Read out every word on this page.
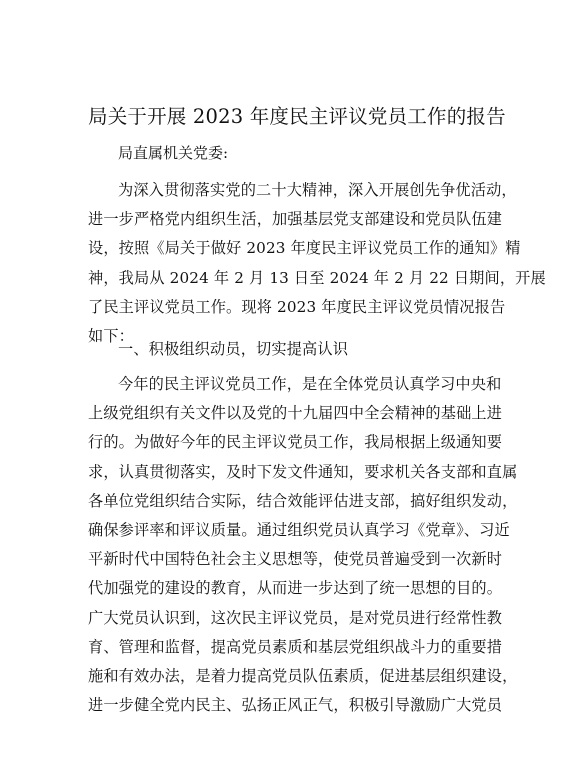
局关于开展 2023 年度民主评议党员工作的报告
局直属机关党委:
为深入贯彻落实党的二十大精神，深入开展创先争优活动，
进一步严格党内组织生活，加强基层党支部建设和党员队伍建
设，按照《局关于做好 2023 年度民主评议党员工作的通知》精
神，我局从 2024 年 2 月 13 日至 2024 年 2 月 22 日期间，开展
了民主评议党员工作。现将 2023 年度民主评议党员情况报告
如下：
一、积极组织动员，切实提高认识
今年的民主评议党员工作，是在全体党员认真学习中央和
上级党组织有关文件以及党的十九届四中全会精神的基础上进
行的。为做好今年的民主评议党员工作，我局根据上级通知要
求，认真贯彻落实，及时下发文件通知，要求机关各支部和直属
各单位党组织结合实际，结合效能评估进支部，搞好组织发动，
确保参评率和评议质量。通过组织党员认真学习《党章》、习近
平新时代中国特色社会主义思想等，使党员普遍受到一次新时
代加强党的建设的教育，从而进一步达到了统一思想的目的。
广大党员认识到，这次民主评议党员，是对党员进行经常性教
育、管理和监督，提高党员素质和基层党组织战斗力的重要措
施和有效办法，是着力提高党员队伍素质，促进基层组织建设，
进一步健全党内民主、弘扬正风正气，积极引导激励广大党员
